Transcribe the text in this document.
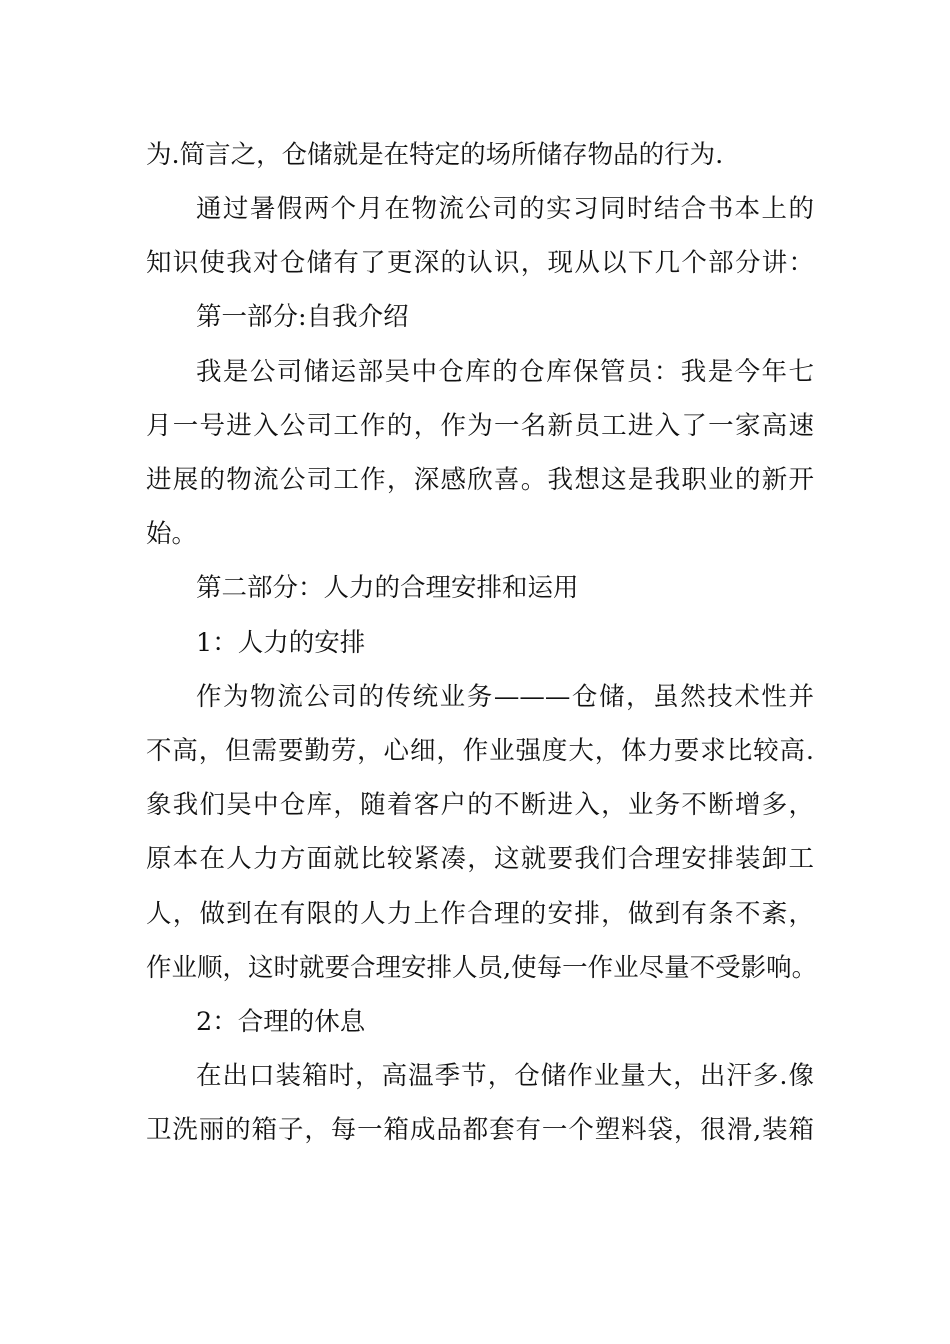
为.简言之，仓储就是在特定的场所储存物品的行为.
通过暑假两个月在物流公司的实习同时结合书本上的
知识使我对仓储有了更深的认识，现从以下几个部分讲：
第一部分:自我介绍
我是公司储运部吴中仓库的仓库保管员：我是今年七
月一号进入公司工作的，作为一名新员工进入了一家高速
进展的物流公司工作，深感欣喜。我想这是我职业的新开
始。
第二部分：人力的合理安排和运用
1：人力的安排
作为物流公司的传统业务———仓储，虽然技术性并
不高，但需要勤劳，心细，作业强度大，体力要求比较高.
象我们吴中仓库，随着客户的不断进入，业务不断增多，
原本在人力方面就比较紧凑，这就要我们合理安排装卸工
人，做到在有限的人力上作合理的安排，做到有条不紊，
作业顺，这时就要合理安排人员,使每一作业尽量不受影响。
2：合理的休息
在出口装箱时，高温季节，仓储作业量大，出汗多.像
卫洗丽的箱子，每一箱成品都套有一个塑料袋，很滑,装箱
